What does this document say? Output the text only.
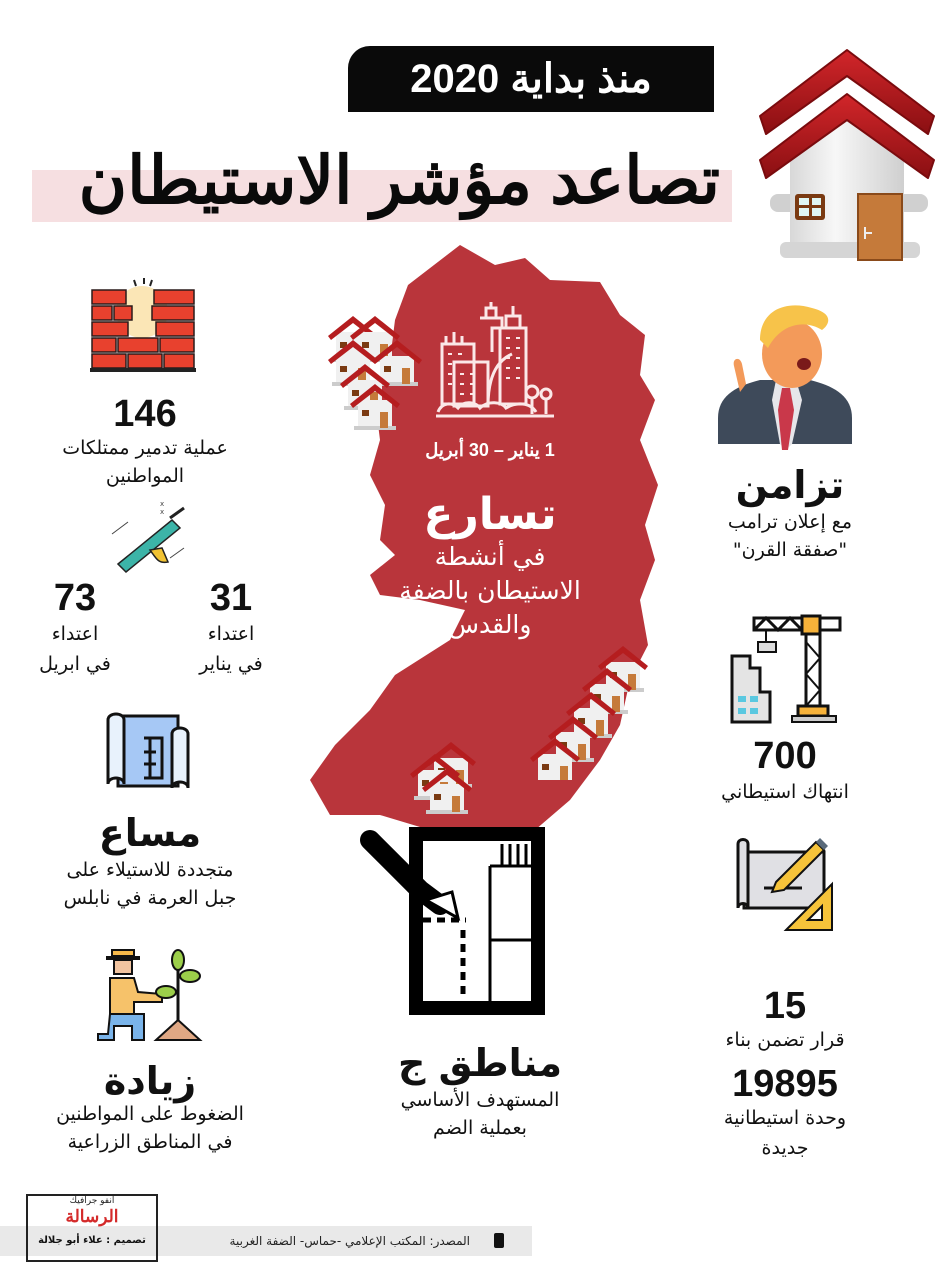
منذ بداية 2020
تصاعد مؤشر الاستيطان
1 يناير – 30 أبريل
تسارع
في أنشطة
الاستيطان بالضفة
والقدس
مناطق ج
المستهدف الأساسي
بعملية الضم
146
عملية تدمير ممتلكات
المواطنين
x
x
73
اعتداء
في ابريل
31
اعتداء
في يناير
مساع
متجددة للاستيلاء على
جبل العرمة في نابلس
زيادة
الضغوط على المواطنين
في المناطق الزراعية
تزامن
مع إعلان ترامب
"صفقة القرن"
700
انتهاك استيطاني
15
قرار تضمن بناء
19895
وحدة استيطانية
جديدة
المصدر: المكتب الإعلامي -حماس- الضفة الغربية
انفو جرافيك
الرسالة
تصميم : علاء أبو جلالة
